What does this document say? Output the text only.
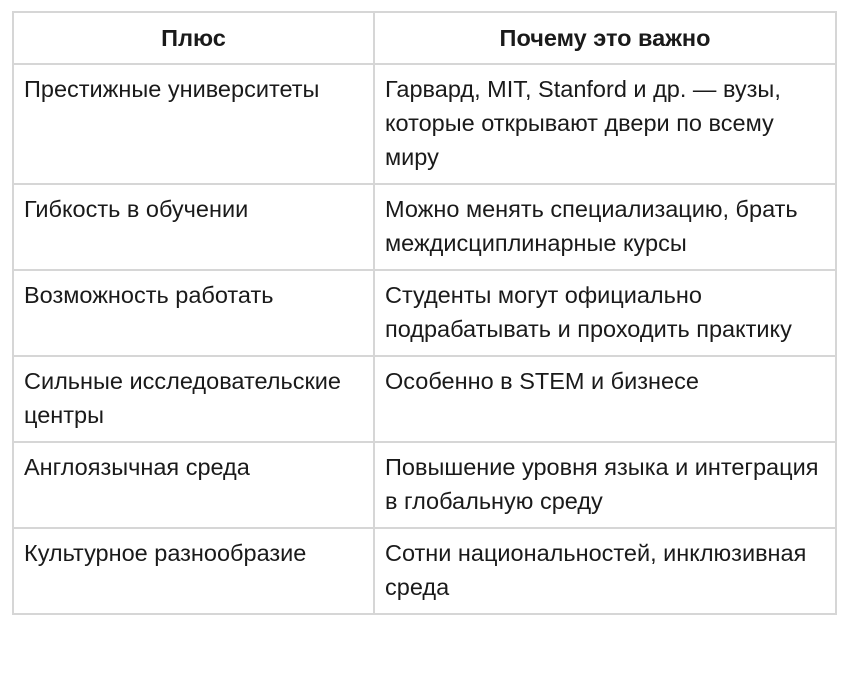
Плюс	Почему это важно
Престижные университеты	Гарвард, MIT, Stanford и др. — вузы, которые открывают двери по всему миру
Гибкость в обучении	Можно менять специализацию, брать междисциплинарные курсы
Возможность работать	Студенты могут официально подрабатывать и проходить практику
Сильные исследовательские центры	Особенно в STEM и бизнесе
Англоязычная среда	Повышение уровня языка и интеграция в глобальную среду
Культурное разнообразие	Сотни национальностей, инклюзивная среда
